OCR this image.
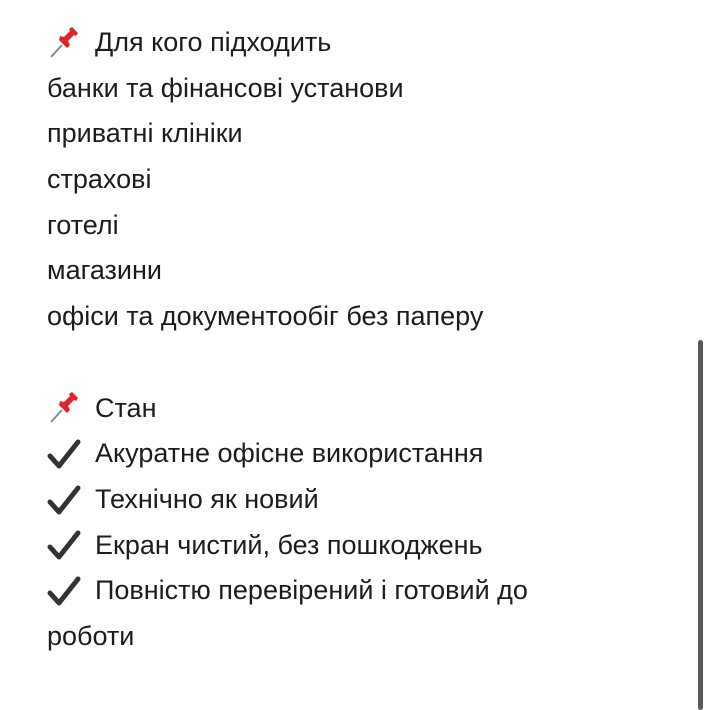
Для кого підходить
банки та фінансові установи
приватні клініки
страхові
готелі
магазини
офіси та документообіг без паперу
Стан
Акуратне офісне використання
Технічно як новий
Екран чистий, без пошкоджень
Повністю перевірений і готовий до
роботи
